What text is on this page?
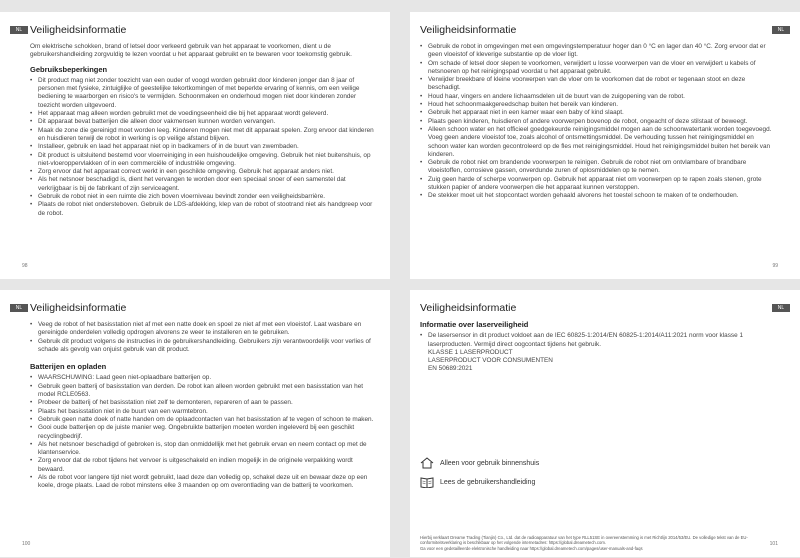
NL Veiligheidsinformatie
Om elektrische schokken, brand of letsel door verkeerd gebruik van het apparaat te voorkomen, dient u de gebruikershandleiding zorgvuldig te lezen voordat u het apparaat gebruikt en te bewaren voor toekomstig gebruik.
Gebruiksbeperkingen
• Dit product mag niet zonder toezicht van een ouder of voogd worden gebruikt door kinderen jonger dan 8 jaar of personen met fysieke, zintuiglijke of geestelijke tekortkomingen of met beperkte ervaring of kennis, om een veilige bediening te waarborgen en risico's te vermijden. Schoonmaken en onderhoud mogen niet door kinderen zonder toezicht worden uitgevoerd.
• Het apparaat mag alleen worden gebruikt met de voedingseenheid die bij het apparaat wordt geleverd.
• Dit apparaat bevat batterijen die alleen door vakmensen kunnen worden vervangen.
• Maak de zone die gereinigd moet worden leeg. Kinderen mogen niet met dit apparaat spelen. Zorg ervoor dat kinderen en huisdieren terwijl de robot in werking is op veilige afstand blijven.
• Installeer, gebruik en laad het apparaat niet op in badkamers of in de buurt van zwembaden.
• Dit product is uitsluitend bestemd voor vloerreiniging in een huishoudelijke omgeving. Gebruik het niet buitenshuis, op niet-vloeroppervlakken of in een commerciële of industriële omgeving.
• Zorg ervoor dat het apparaat correct werkt in een geschikte omgeving. Gebruik het apparaat anders niet.
• Als het netsnoer beschadigd is, dient het vervangen te worden door een speciaal snoer of een samenstel dat verkrijgbaar is bij de fabrikant of zijn serviceagent.
• Gebruik de robot niet in een ruimte die zich boven vloerniveau bevindt zonder een veiligheidsbarrière.
• Plaats de robot niet ondersteboven. Gebruik de LDS-afdekking, klep van de robot of stootrand niet als handgreep voor de robot.
98
NL
Veiligheidsinformatie
• Gebruik de robot in omgevingen met een omgevingstemperatuur hoger dan 0 °C en lager dan 40 °C. Zorg ervoor dat er geen vloeistof of kleverige substantie op de vloer ligt.
• Om schade of letsel door slepen te voorkomen, verwijdert u losse voorwerpen van de vloer en verwijdert u kabels of netsnoeren op het reinigingspad voordat u het apparaat gebruikt.
• Verwijder breekbare of kleine voorwerpen van de vloer om te voorkomen dat de robot er tegenaan stoot en deze beschadigt.
• Houd haar, vingers en andere lichaamsdelen uit de buurt van de zuigopening van de robot.
• Houd het schoonmaakgereedschap buiten het bereik van kinderen.
• Gebruik het apparaat niet in een kamer waar een baby of kind slaapt.
• Plaats geen kinderen, huisdieren of andere voorwerpen bovenop de robot, ongeacht of deze stilstaat of beweegt.
• Alleen schoon water en het officieel goedgekeurde reinigingsmiddel mogen aan de schoonwatertank worden toegevoegd. Voeg geen andere vloeistof toe, zoals alcohol of ontsmettingsmiddel. De verhouding tussen het reinigingsmiddel en schoon water kan worden gecontroleerd op de fles met reinigingsmiddel. Houd het reinigingsmiddel buiten het bereik van kinderen.
• Gebruik de robot niet om brandende voorwerpen te reinigen. Gebruik de robot niet om ontvlambare of brandbare vloeistoffen, corrosieve gassen, onverdunde zuren of oplosmiddelen op te nemen.
• Zuig geen harde of scherpe voorwerpen op. Gebruik het apparaat niet om voorwerpen op te rapen zoals stenen, grote stukken papier of andere voorwerpen die het apparaat kunnen verstoppen.
• De stekker moet uit het stopcontact worden gehaald alvorens het toestel schoon te maken of te onderhouden.
99
NL Veiligheidsinformatie
• Veeg de robot of het basisstation niet af met een natte doek en spoel ze niet af met een vloeistof. Laat wasbare en gereinigde onderdelen volledig opdrogen alvorens ze weer te installeren en te gebruiken.
• Gebruik dit product volgens de instructies in de gebruikershandleiding. Gebruikers zijn verantwoordelijk voor verlies of schade als gevolg van onjuist gebruik van dit product.
Batterijen en opladen
• WAARSCHUWING: Laad geen niet-oplaadbare batterijen op.
• Gebruik geen batterij of basisstation van derden. De robot kan alleen worden gebruikt met een basisstation van het model RCLE0563.
• Probeer de batterij of het basisstation niet zelf te demonteren, repareren of aan te passen.
• Plaats het basisstation niet in de buurt van een warmtebron.
• Gebruik geen natte doek of natte handen om de oplaadcontacten van het basisstation af te vegen of schoon te maken.
• Gooi oude batterijen op de juiste manier weg. Ongebruikte batterijen moeten worden ingeleverd bij een geschikt recyclingbedrijf.
• Als het netsnoer beschadigd of gebroken is, stop dan onmiddellijk met het gebruik ervan en neem contact op met de klantenservice.
• Zorg ervoor dat de robot tijdens het vervoer is uitgeschakeld en indien mogelijk in de originele verpakking wordt bewaard.
• Als de robot voor langere tijd niet wordt gebruikt, laad deze dan volledig op, schakel deze uit en bewaar deze op een koele, droge plaats. Laad de robot minstens elke 3 maanden op om overontlading van de batterij te voorkomen.
100
NL
Veiligheidsinformatie
Informatie over laserveiligheid
• De lasersensor in dit product voldoet aan de IEC 60825-1:2014/EN 60825-1:2014/A11:2021 norm voor klasse 1 laserproducten. Vermijd direct oogcontact tijdens het gebruik.
KLASSE 1 LASERPRODUCT
LASERPRODUCT VOOR CONSUMENTEN
EN 50689:2021
Alleen voor gebruik binnenshuis
Lees de gebruikershandleiding
Hierbij verklaart Dreame Trading (Tianjin) Co., Ltd. dat de radioapparatuur van het type RLL51SE in overeenstemming is met Richtlijn 2014/53/EU. De volledige tekst van de EU-conformiteitsverklaring is beschikbaar op het volgende internetadres: https://global.dreametech.com.
Ga voor een gedetailleerde elektronische handleiding naar https://global.dreametech.com/pages/user-manuals-and-faqs
101
